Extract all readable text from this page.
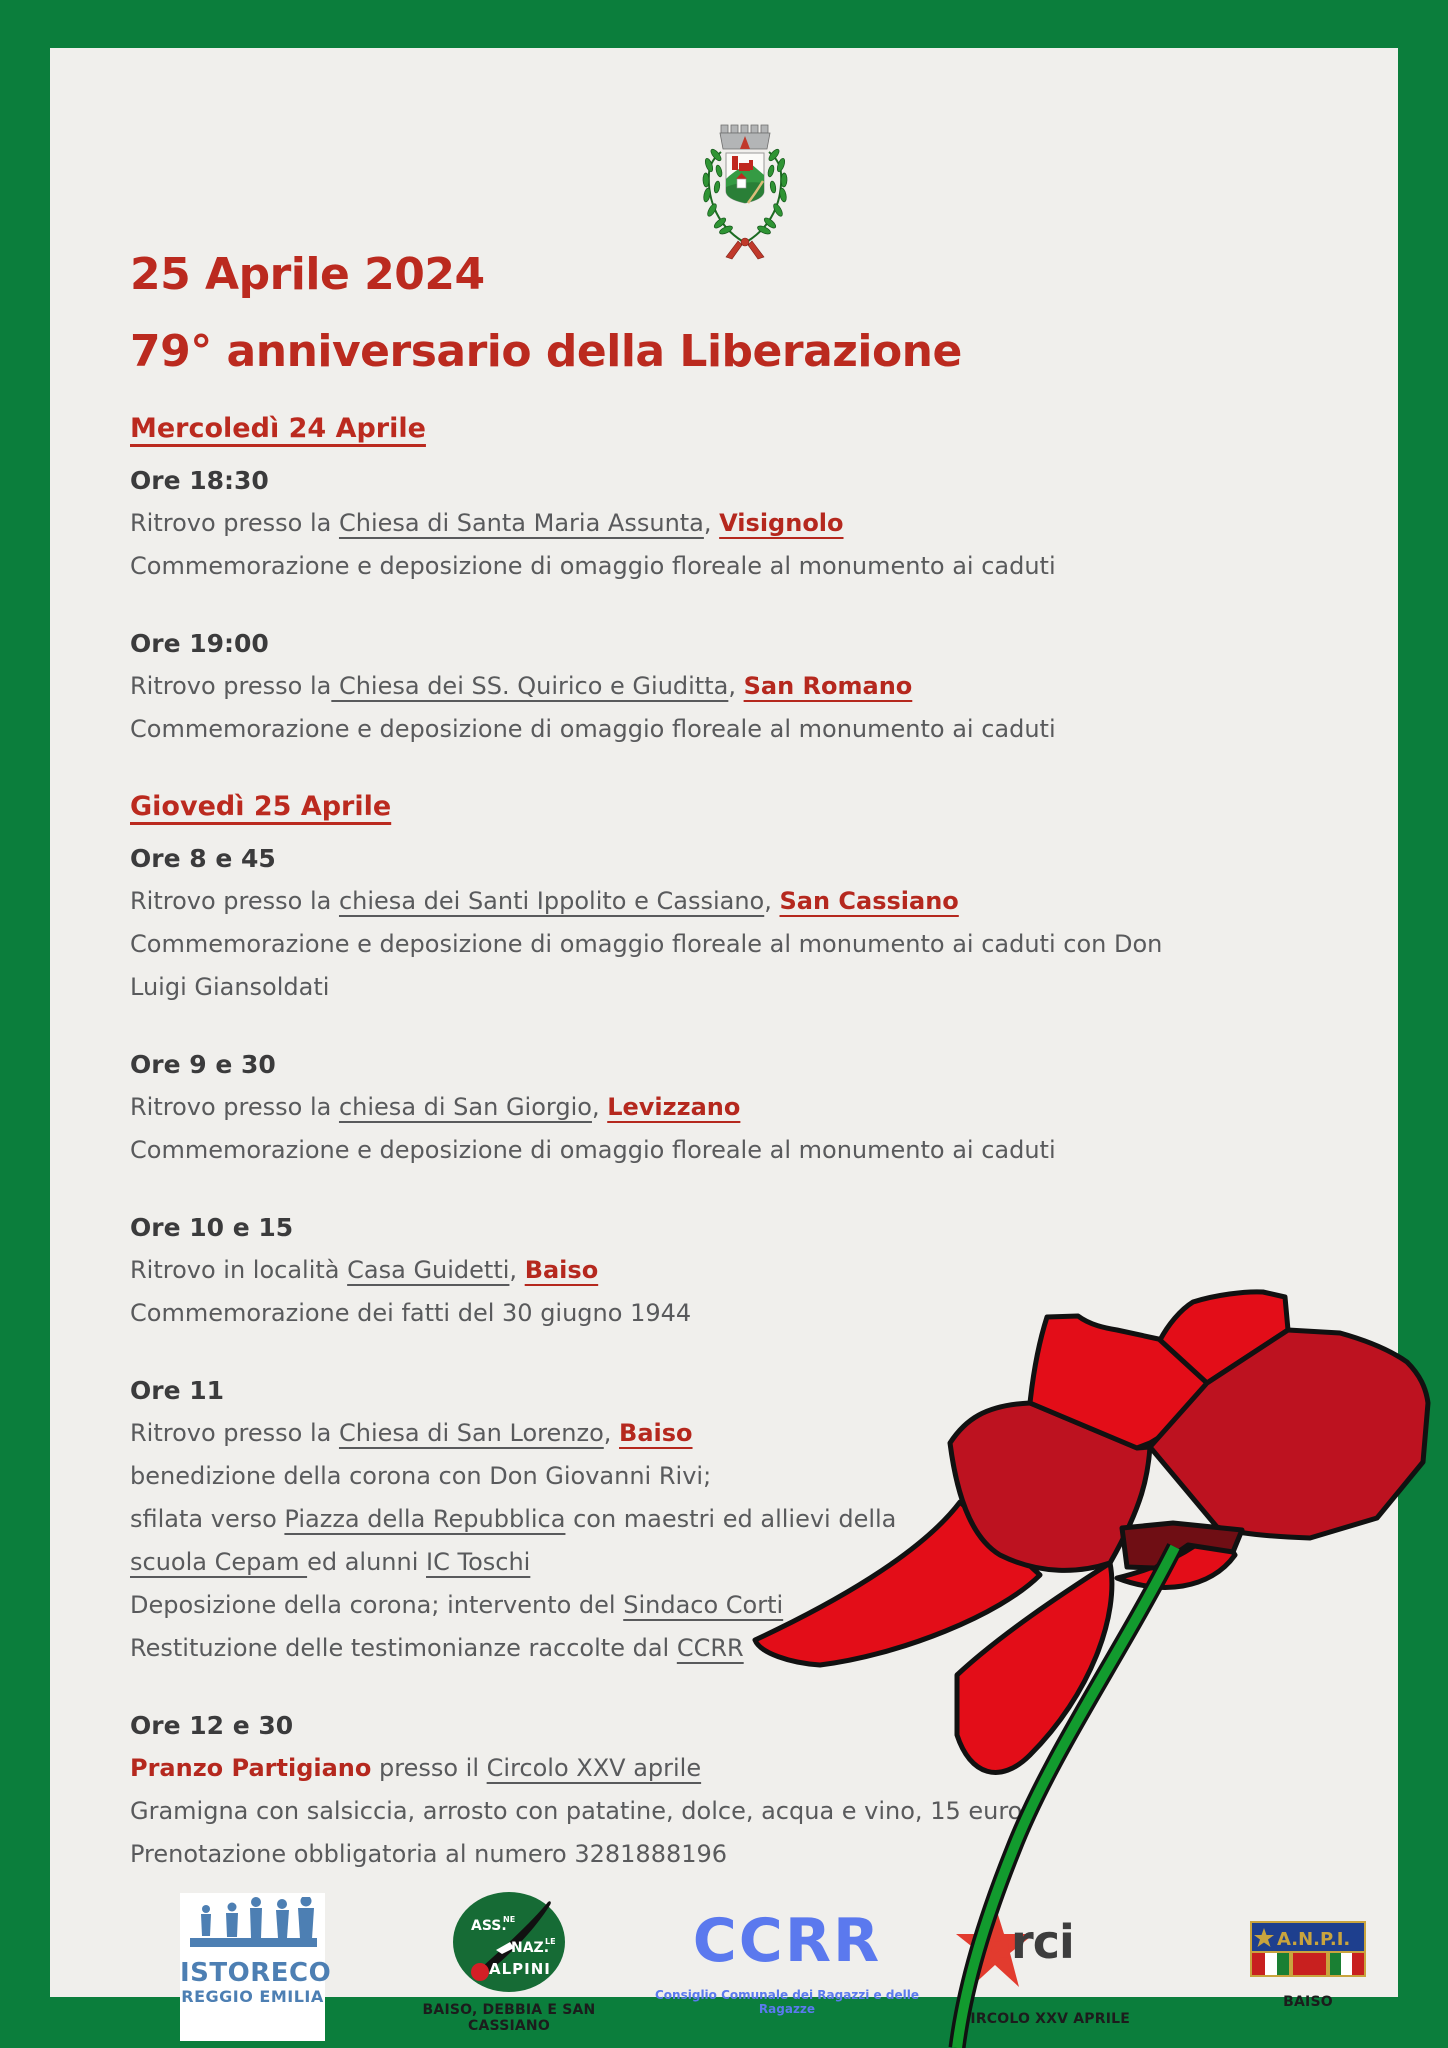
25 Aprile 2024
79° anniversario della Liberazione
Mercoledì 24 Aprile
Ore 18:30
Ritrovo presso la Chiesa di Santa Maria Assunta, Visignolo
Commemorazione e deposizione di omaggio floreale al monumento ai caduti
Ore 19:00
Ritrovo presso la Chiesa dei SS. Quirico e Giuditta, San Romano
Commemorazione e deposizione di omaggio floreale al monumento ai caduti
Giovedì 25 Aprile
Ore 8 e 45
Ritrovo presso la chiesa dei Santi Ippolito e Cassiano, San Cassiano
Commemorazione e deposizione di omaggio floreale al monumento ai caduti con Don
Luigi Giansoldati
Ore 9 e 30
Ritrovo presso la chiesa di San Giorgio, Levizzano
Commemorazione e deposizione di omaggio floreale al monumento ai caduti
Ore 10 e 15
Ritrovo in località Casa Guidetti, Baiso
Commemorazione dei fatti del 30 giugno 1944
Ore 11
Ritrovo presso la Chiesa di San Lorenzo, Baiso
benedizione della corona con Don Giovanni Rivi;
sfilata verso Piazza della Repubblica con maestri ed allievi della
scuola Cepam ed alunni IC Toschi
Deposizione della corona; intervento del Sindaco Corti
Restituzione delle testimonianze raccolte dal CCRR
Ore 12 e 30
Pranzo Partigiano presso il Circolo XXV aprile
Gramigna con salsiccia, arrosto con patatine, dolce, acqua e vino, 15 euro.
Prenotazione obbligatoria al numero 3281888196
ISTORECO
REGGIO EMILIA
ASS.
NE
NAZ.
LE
ALPINI
BAISO, DEBBIA E SAN CASSIANO
CCRR
Consiglio Comunale dei Ragazzi e delle Ragazze
arci
CIRCOLO XXV APRILE
A.N.P.I.
BAISO
